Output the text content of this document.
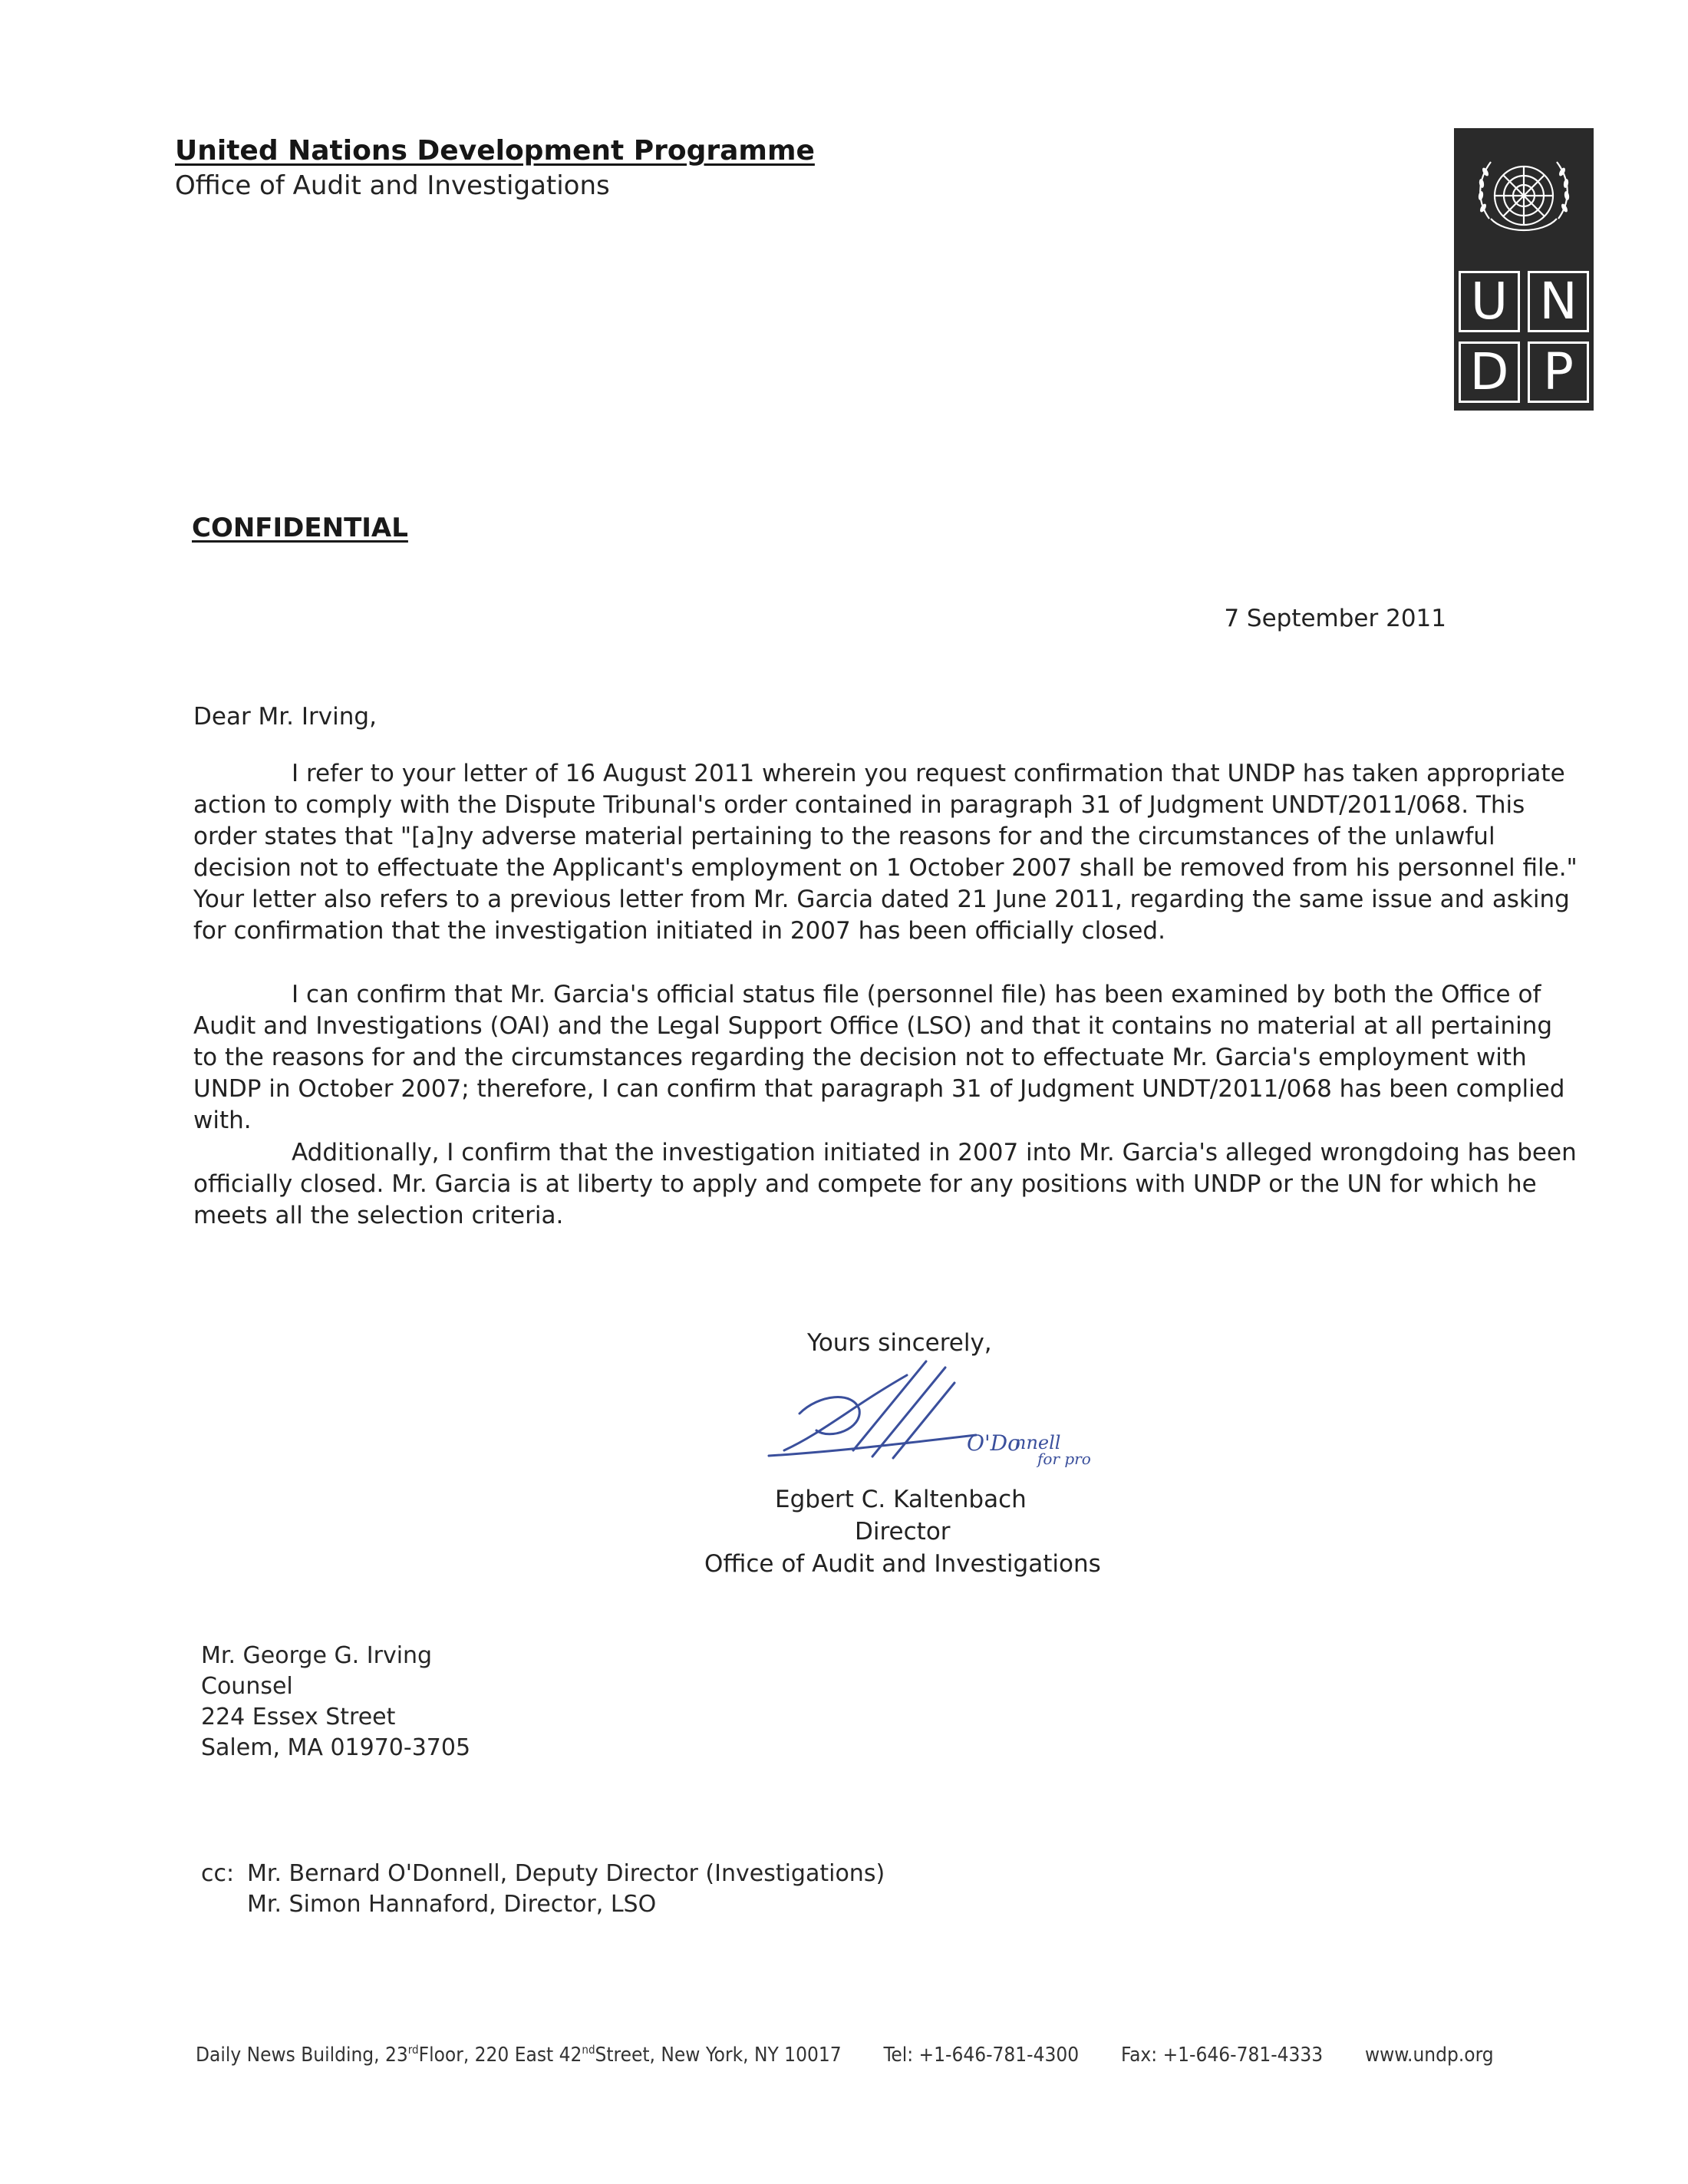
United Nations Development Programme
Office of Audit and Investigations
U N
D P
CONFIDENTIAL
7 September 2011
Dear Mr. Irving,

I refer to your letter of 16 August 2011 wherein you request confirmation that UNDP has taken appropriate action to comply with the Dispute Tribunal's order contained in paragraph 31 of Judgment UNDT/2011/068. This order states that "[a]ny adverse material pertaining to the reasons for and the circumstances of the unlawful decision not to effectuate the Applicant's employment on 1 October 2007 shall be removed from his personnel file." Your letter also refers to a previous letter from Mr. Garcia dated 21 June 2011, regarding the same issue and asking for confirmation that the investigation initiated in 2007 has been officially closed.

I can confirm that Mr. Garcia's official status file (personnel file) has been examined by both the Office of Audit and Investigations (OAI) and the Legal Support Office (LSO) and that it contains no material at all pertaining to the reasons for and the circumstances regarding the decision not to effectuate Mr. Garcia's employment with UNDP in October 2007; therefore, I can confirm that paragraph 31 of Judgment UNDT/2011/068 has been complied with.

Additionally, I confirm that the investigation initiated in 2007 into Mr. Garcia's alleged wrongdoing has been officially closed. Mr. Garcia is at liberty to apply and compete for any positions with UNDP or the UN for which he meets all the selection criteria.

Yours sincerely,
O'Do
nnell
for pro
Egbert C. Kaltenbach
Director
Office of Audit and Investigations
Mr. George G. Irving
Counsel
224 Essex Street
Salem, MA 01970-3705
cc: Mr. Bernard O'Donnell, Deputy Director (Investigations)
Mr. Simon Hannaford, Director, LSO
Daily News Building, 23rdFloor, 220 East 42ndStreet, New York, NY 10017 Tel: +1-646-781-4300 Fax: +1-646-781-4333 www.undp.org
